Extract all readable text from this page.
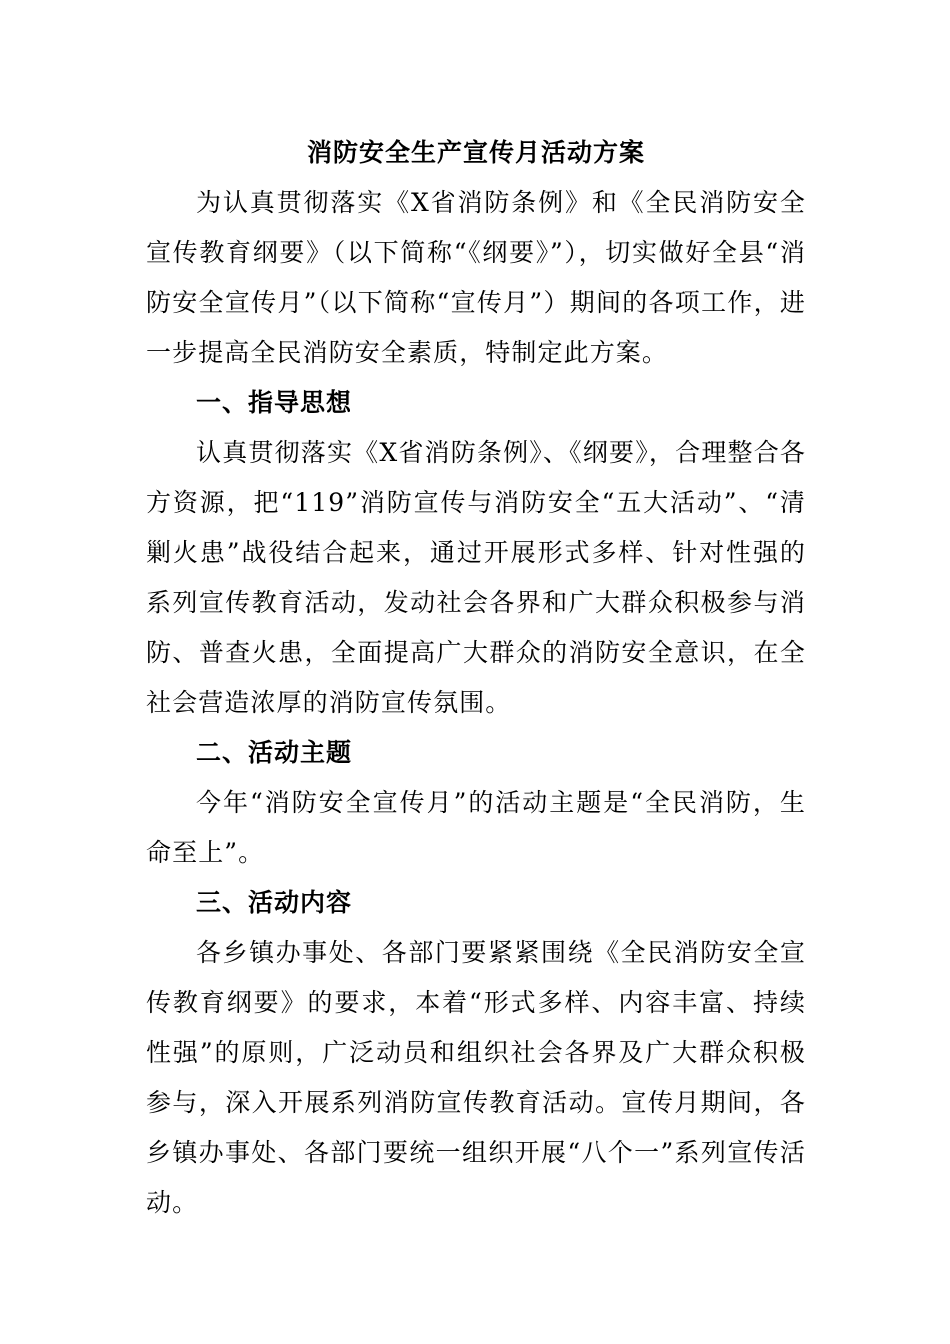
消防安全生产宣传月活动方案

为认真贯彻落实《X省消防条例》和《全民消防安全宣传教育纲要》（以下简称“《纲要》”），切实做好全县“消防安全宣传月”（以下简称“宣传月”）期间的各项工作，进一步提高全民消防安全素质，特制定此方案。

一、指导思想

认真贯彻落实《X省消防条例》、《纲要》，合理整合各方资源，把“119”消防宣传与消防安全“五大活动”、“清剿火患”战役结合起来，通过开展形式多样、针对性强的系列宣传教育活动，发动社会各界和广大群众积极参与消防、普查火患，全面提高广大群众的消防安全意识，在全社会营造浓厚的消防宣传氛围。

二、活动主题

今年“消防安全宣传月”的活动主题是“全民消防，生命至上”。

三、活动内容

各乡镇办事处、各部门要紧紧围绕《全民消防安全宣传教育纲要》的要求，本着“形式多样、内容丰富、持续性强”的原则，广泛动员和组织社会各界及广大群众积极参与，深入开展系列消防宣传教育活动。宣传月期间，各乡镇办事处、各部门要统一组织开展“八个一”系列宣传活动。
